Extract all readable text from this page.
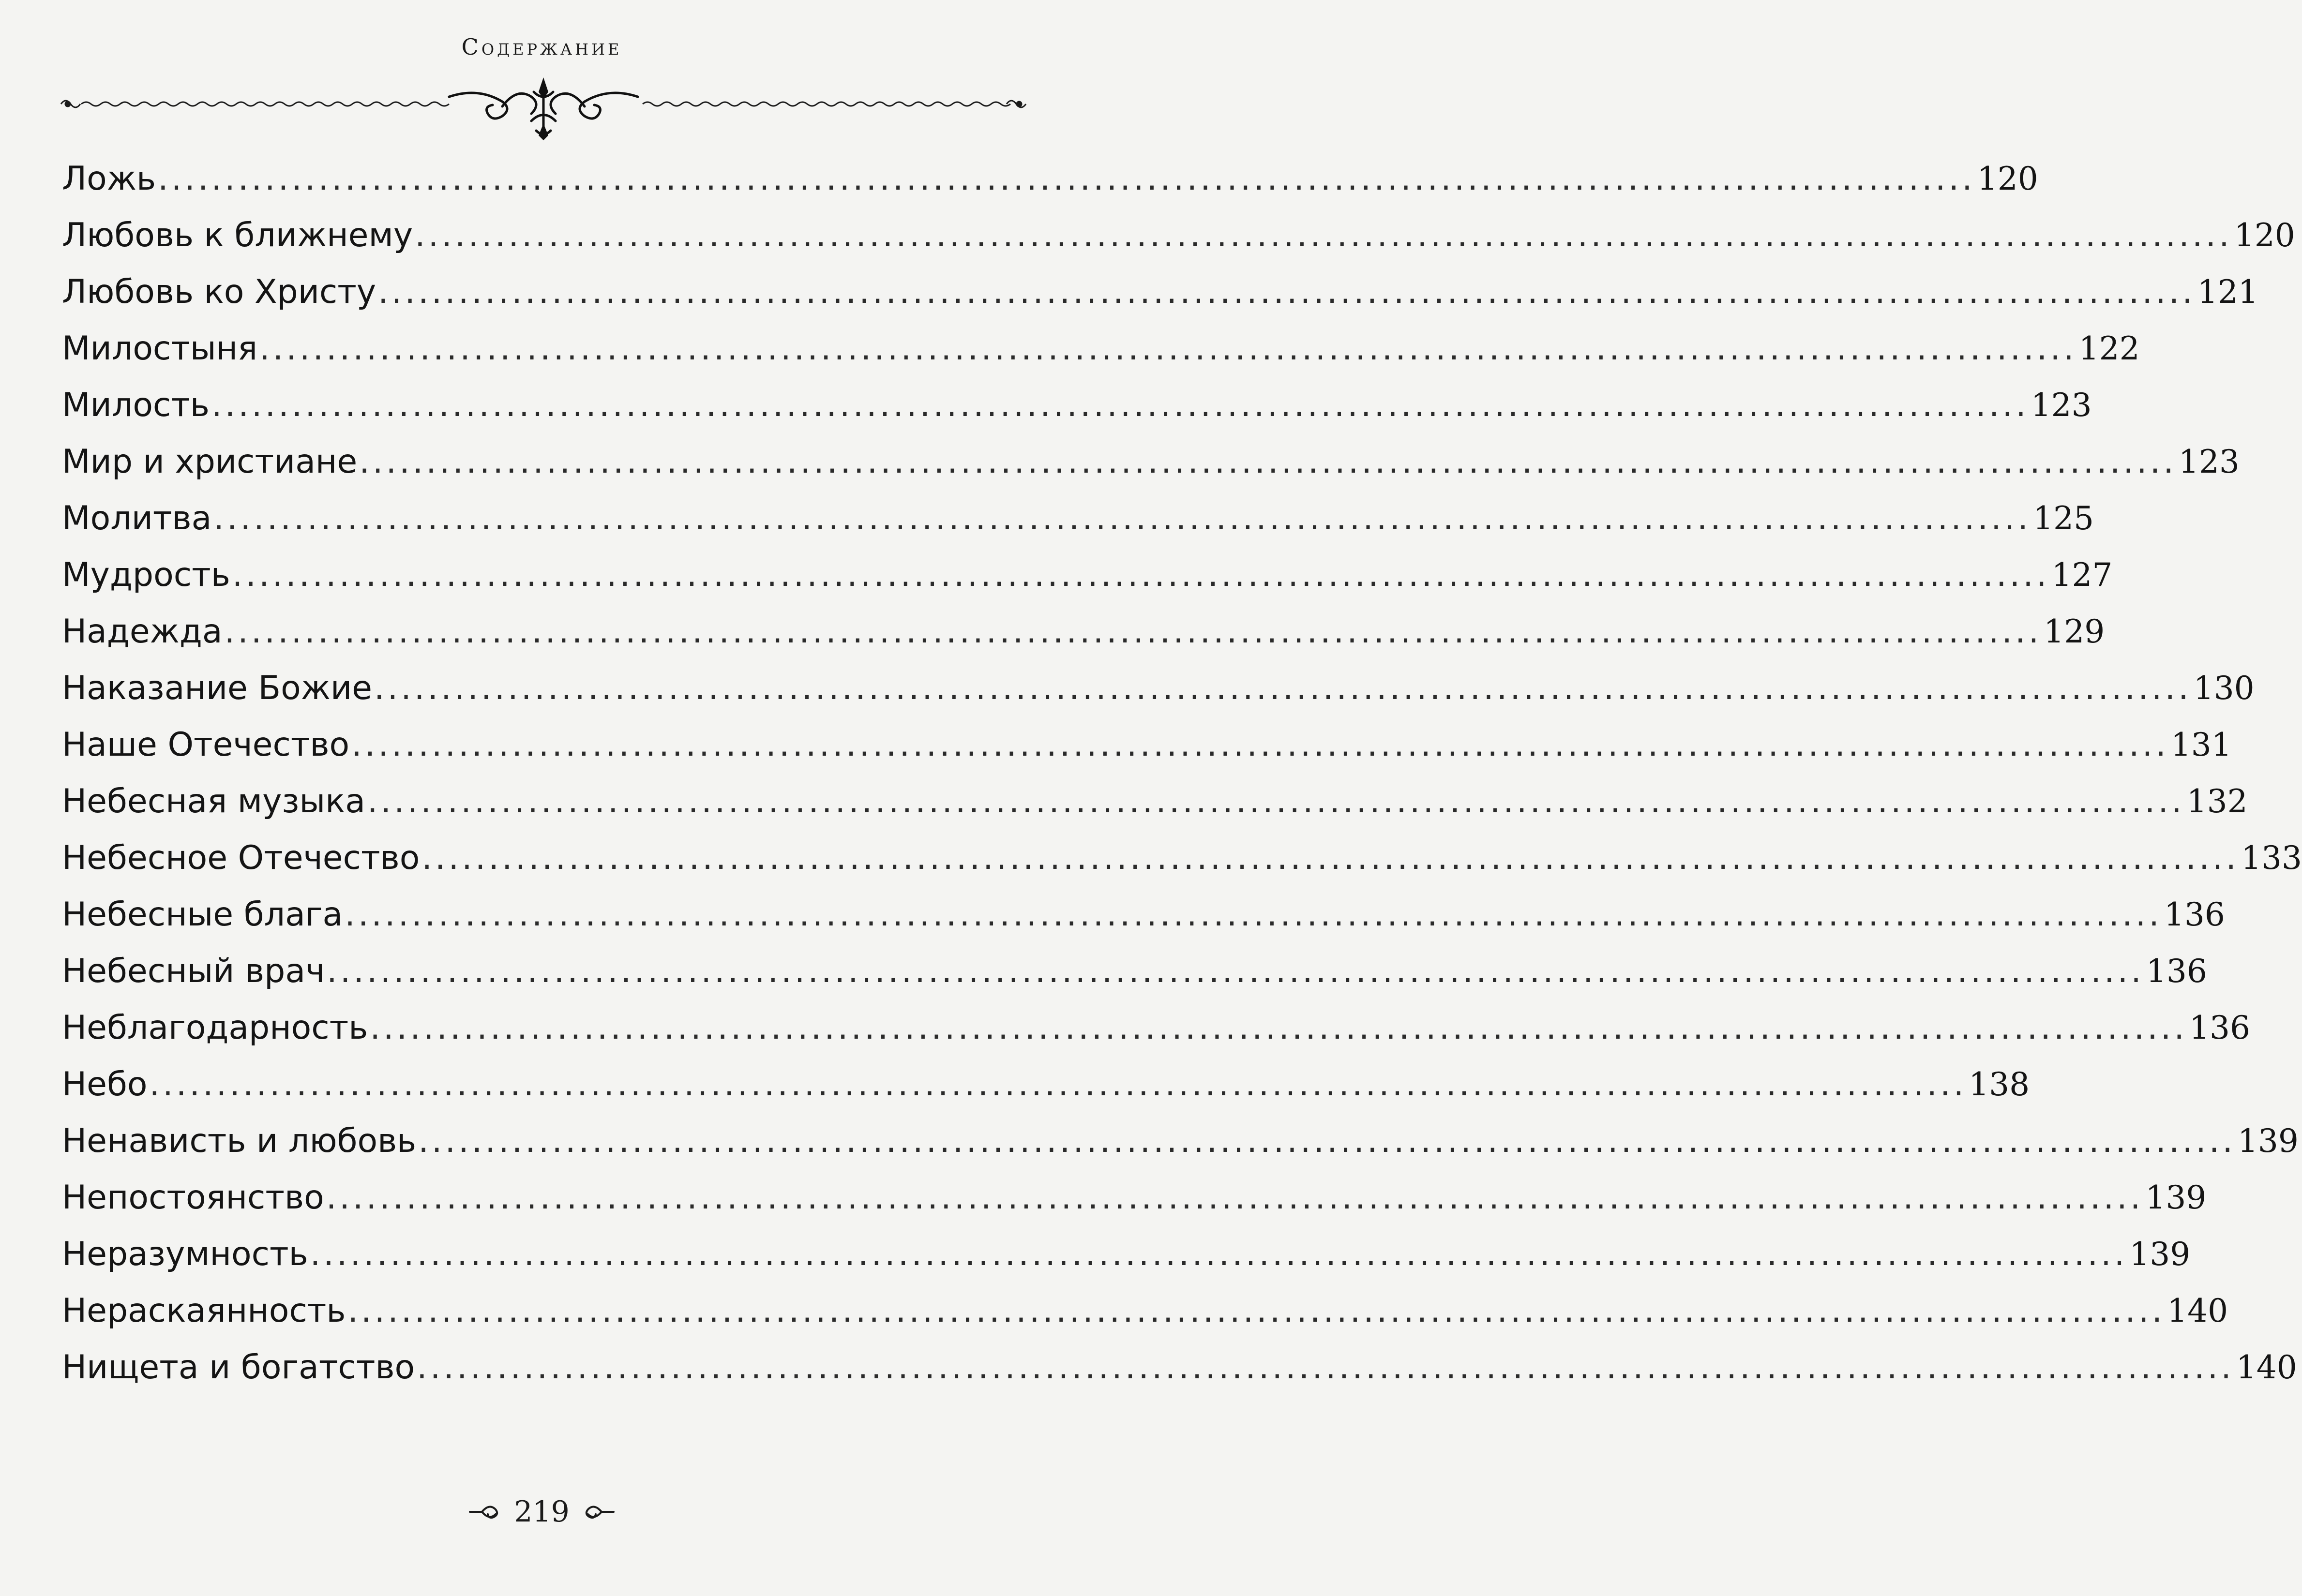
Содержание
Ложь ........................................................................................................................................ 120
Любовь к ближнему ........................................................................................................................................ 120
Любовь ко Христу ........................................................................................................................................ 121
Милостыня ........................................................................................................................................ 122
Милость ........................................................................................................................................ 123
Мир и христиане ........................................................................................................................................ 123
Молитва ........................................................................................................................................ 125
Мудрость ........................................................................................................................................ 127
Надежда ........................................................................................................................................ 129
Наказание Божие ........................................................................................................................................ 130
Наше Отечество ........................................................................................................................................ 131
Небесная музыка ........................................................................................................................................ 132
Небесное Отечество ........................................................................................................................................ 133
Небесные блага ........................................................................................................................................ 136
Небесный врач ........................................................................................................................................ 136
Неблагодарность ........................................................................................................................................ 136
Небо ........................................................................................................................................ 138
Ненависть и любовь ........................................................................................................................................ 139
Непостоянство ........................................................................................................................................ 139
Неразумность ........................................................................................................................................ 139
Нераскаянность ........................................................................................................................................ 140
Нищета и богатство ........................................................................................................................................ 140
219
